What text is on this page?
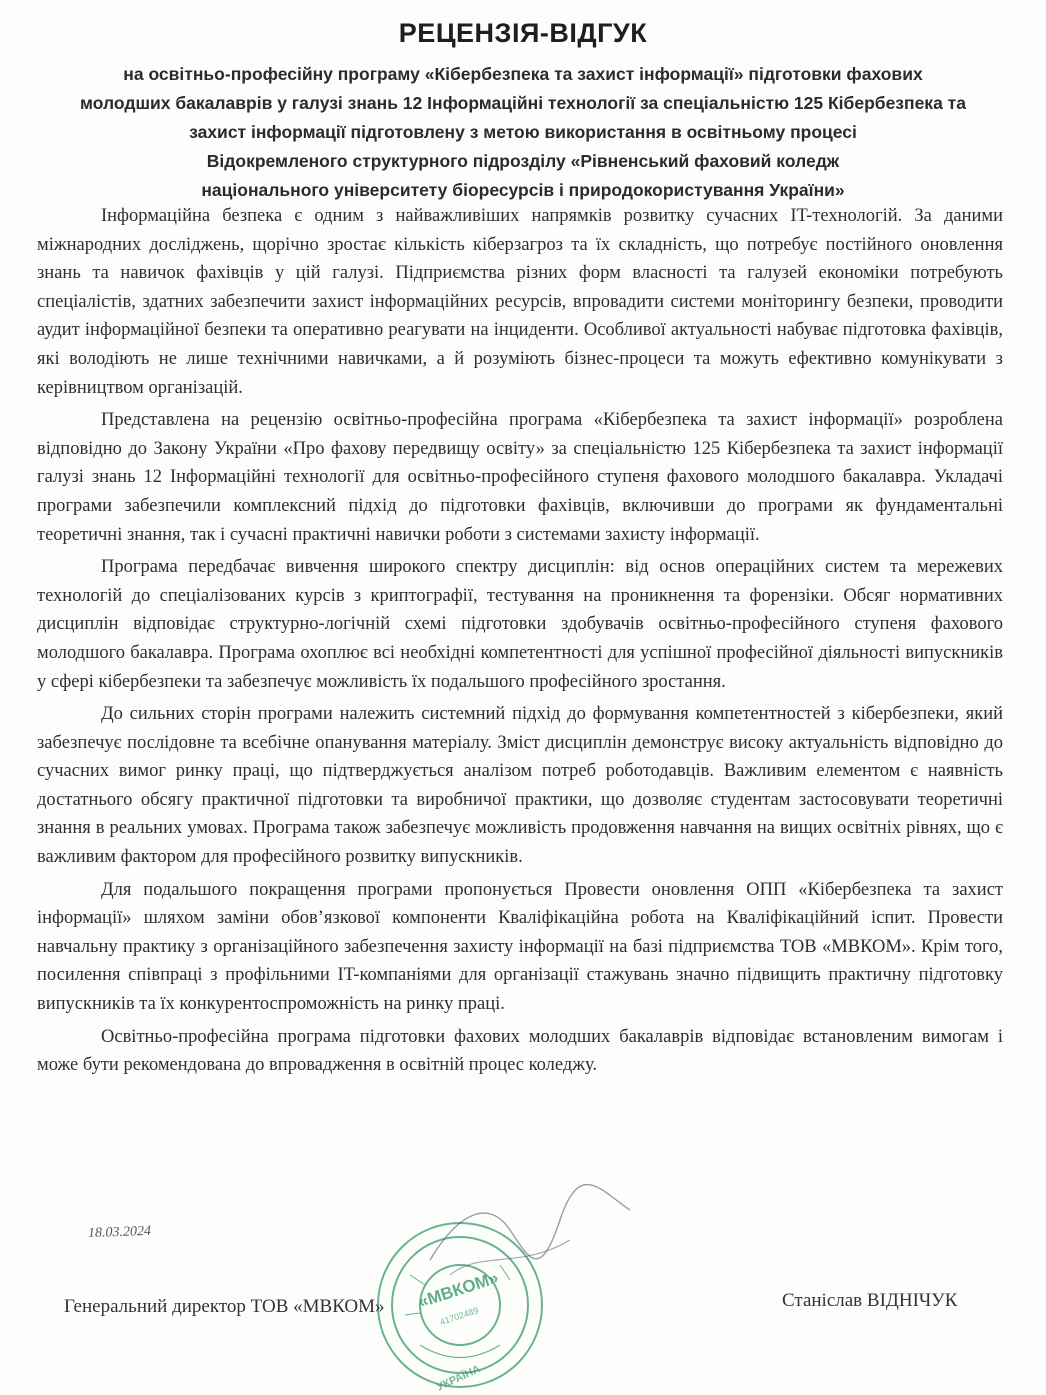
РЕЦЕНЗІЯ-ВІДГУК
на освітньо-професійну програму «Кібербезпека та захист інформації» підготовки фахових
молодших бакалаврів у галузі знань 12 Інформаційні технології за спеціальністю 125 Кібербезпека та
захист інформації підготовлену з метою використання в освітньому процесі
Відокремленого структурного підрозділу «Рівненський фаховий коледж
національного університету біоресурсів і природокористування України»

Інформаційна безпека є одним з найважливіших напрямків розвитку сучасних IT-технологій. За даними міжнародних досліджень, щорічно зростає кількість кіберзагроз та їх складність, що потребує постійного оновлення знань та навичок фахівців у цій галузі. Підприємства різних форм власності та галузей економіки потребують спеціалістів, здатних забезпечити захист інформаційних ресурсів, впровадити системи моніторингу безпеки, проводити аудит інформаційної безпеки та оперативно реагувати на інциденти. Особливої актуальності набуває підготовка фахівців, які володіють не лише технічними навичками, а й розуміють бізнес-процеси та можуть ефективно комунікувати з керівництвом організацій.

Представлена на рецензію освітньо-професійна програма «Кібербезпека та захист інформації» розроблена відповідно до Закону України «Про фахову передвищу освіту» за спеціальністю 125 Кібербезпека та захист інформації галузі знань 12 Інформаційні технології для освітньо-професійного ступеня фахового молодшого бакалавра. Укладачі програми забезпечили комплексний підхід до підготовки фахівців, включивши до програми як фундаментальні теоретичні знання, так і сучасні практичні навички роботи з системами захисту інформації.

Програма передбачає вивчення широкого спектру дисциплін: від основ операційних систем та мережевих технологій до спеціалізованих курсів з криптографії, тестування на проникнення та форензіки. Обсяг нормативних дисциплін відповідає структурно-логічній схемі підготовки здобувачів освітньо-професійного ступеня фахового молодшого бакалавра. Програма охоплює всі необхідні компетентності для успішної професійної діяльності випускників у сфері кібербезпеки та забезпечує можливість їх подальшого професійного зростання.

До сильних сторін програми належить системний підхід до формування компетентностей з кібербезпеки, який забезпечує послідовне та всебічне опанування матеріалу. Зміст дисциплін демонструє високу актуальність відповідно до сучасних вимог ринку праці, що підтверджується аналізом потреб роботодавців. Важливим елементом є наявність достатнього обсягу практичної підготовки та виробничої практики, що дозволяє студентам застосовувати теоретичні знання в реальних умовах. Програма також забезпечує можливість продовження навчання на вищих освітніх рівнях, що є важливим фактором для професійного розвитку випускників.

Для подальшого покращення програми пропонується Провести оновлення ОПП «Кібербезпека та захист інформації» шляхом заміни обов’язкової компоненти Кваліфікаційна робота на Кваліфікаційний іспит. Провести навчальну практику з організаційного забезпечення захисту інформації на базі підприємства ТОВ «МВКОМ». Крім того, посилення співпраці з профільними IT-компаніями для організації стажувань значно підвищить практичну підготовку випускників та їх конкурентоспроможність на ринку праці.

Освітньо-професійна програма підготовки фахових молодших бакалаврів відповідає встановленим вимогам і може бути рекомендована до впровадження в освітній процес коледжу.

18.03.2024
«МВКОМ»
41702489
УКРАЇНА
Генеральний директор ТОВ «МВКОМ»	Станіслав ВІДНІЧУК
